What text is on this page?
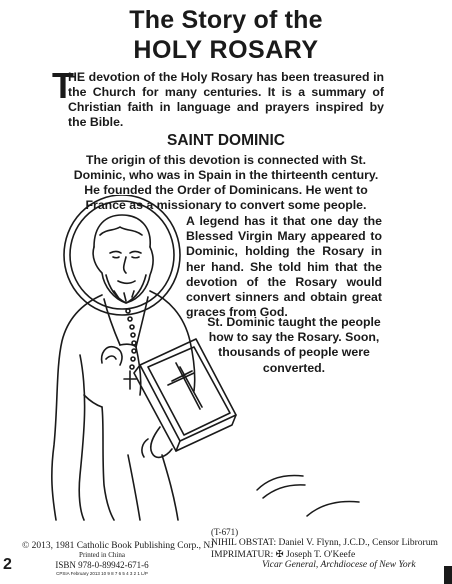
The Story of the
HOLY ROSARY
T
HE devotion of the Holy Rosary has been treasured in the Church for many centuries. It is a summary of Christian faith in language and prayers inspired by the Bible.
SAINT DOMINIC
The origin of this devotion is connected with St. Dominic, who was in Spain in the thirteenth century. He founded the Order of Dominicans. He went to France as a missionary to convert some people.
A legend has it that one day the Blessed Virgin Mary appeared to Dominic, holding the Rosary in her hand. She told him that the devotion of the Rosary would convert sinners and obtain great graces from God.
St. Dominic taught the people how to say the Rosary. Soon, thousands of people were converted.
2
© 2013, 1981 Catholic Book Publishing Corp., NJ
Printed in China
ISBN 978-0-89942-671-6
CPSIA February 2013 10 9 8 7 6 5 4 3 2 1 L/P
(T-671)
NIHIL OBSTAT: Daniel V. Flynn, J.C.D., Censor Librorum
IMPRIMATUR: ✠ Joseph T. O'Keefe
Vicar General, Archdiocese of New York
